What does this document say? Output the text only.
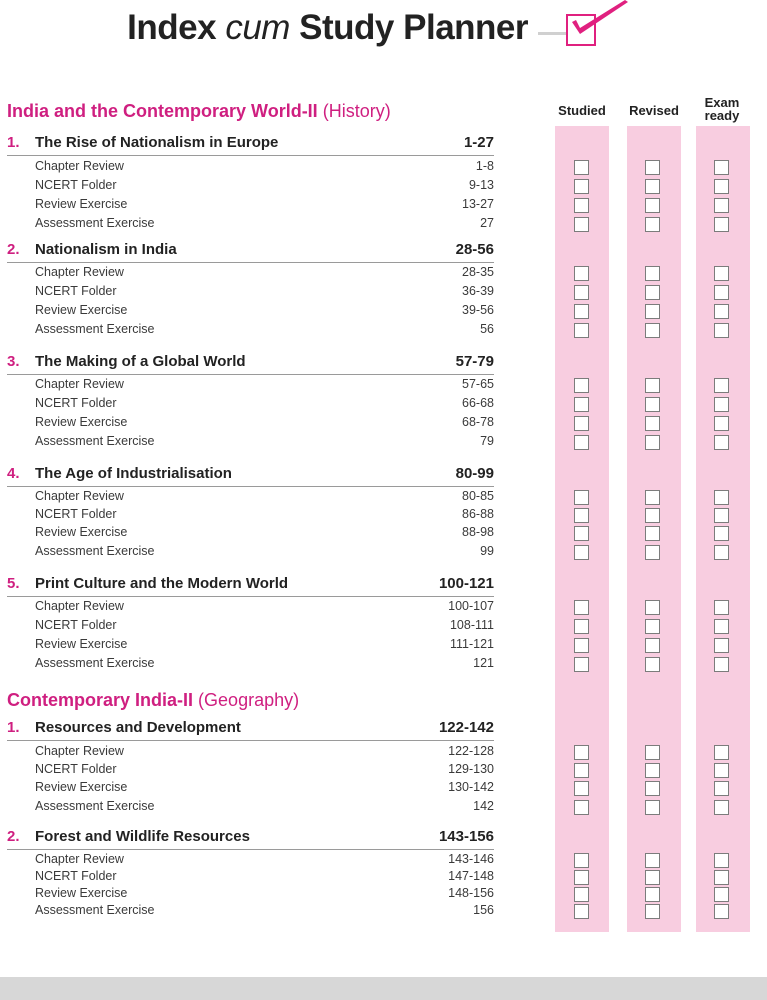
Index cum Study Planner
Studied	Revised
Exam
ready
India and the Contemporary World-II (History)
Contemporary India-II (Geography)
1. The Rise of Nationalism in Europe	1-27
Chapter Review	1-8
NCERT Folder	9-13
Review Exercise	13-27
Assessment Exercise	27
2. Nationalism in India	28-56
Chapter Review	28-35
NCERT Folder	36-39
Review Exercise	39-56
Assessment Exercise	56
3. The Making of a Global World	57-79
Chapter Review	57-65
NCERT Folder	66-68
Review Exercise	68-78
Assessment Exercise	79
4. The Age of Industrialisation	80-99
Chapter Review	80-85
NCERT Folder	86-88
Review Exercise	88-98
Assessment Exercise	99
5. Print Culture and the Modern World	100-121
Chapter Review	100-107
NCERT Folder	108-111
Review Exercise	111-121
Assessment Exercise	121
1. Resources and Development	122-142
Chapter Review	122-128
NCERT Folder	129-130
Review Exercise	130-142
Assessment Exercise	142
2. Forest and Wildlife Resources	143-156
Chapter Review	143-146
NCERT Folder	147-148
Review Exercise	148-156
Assessment Exercise	156
